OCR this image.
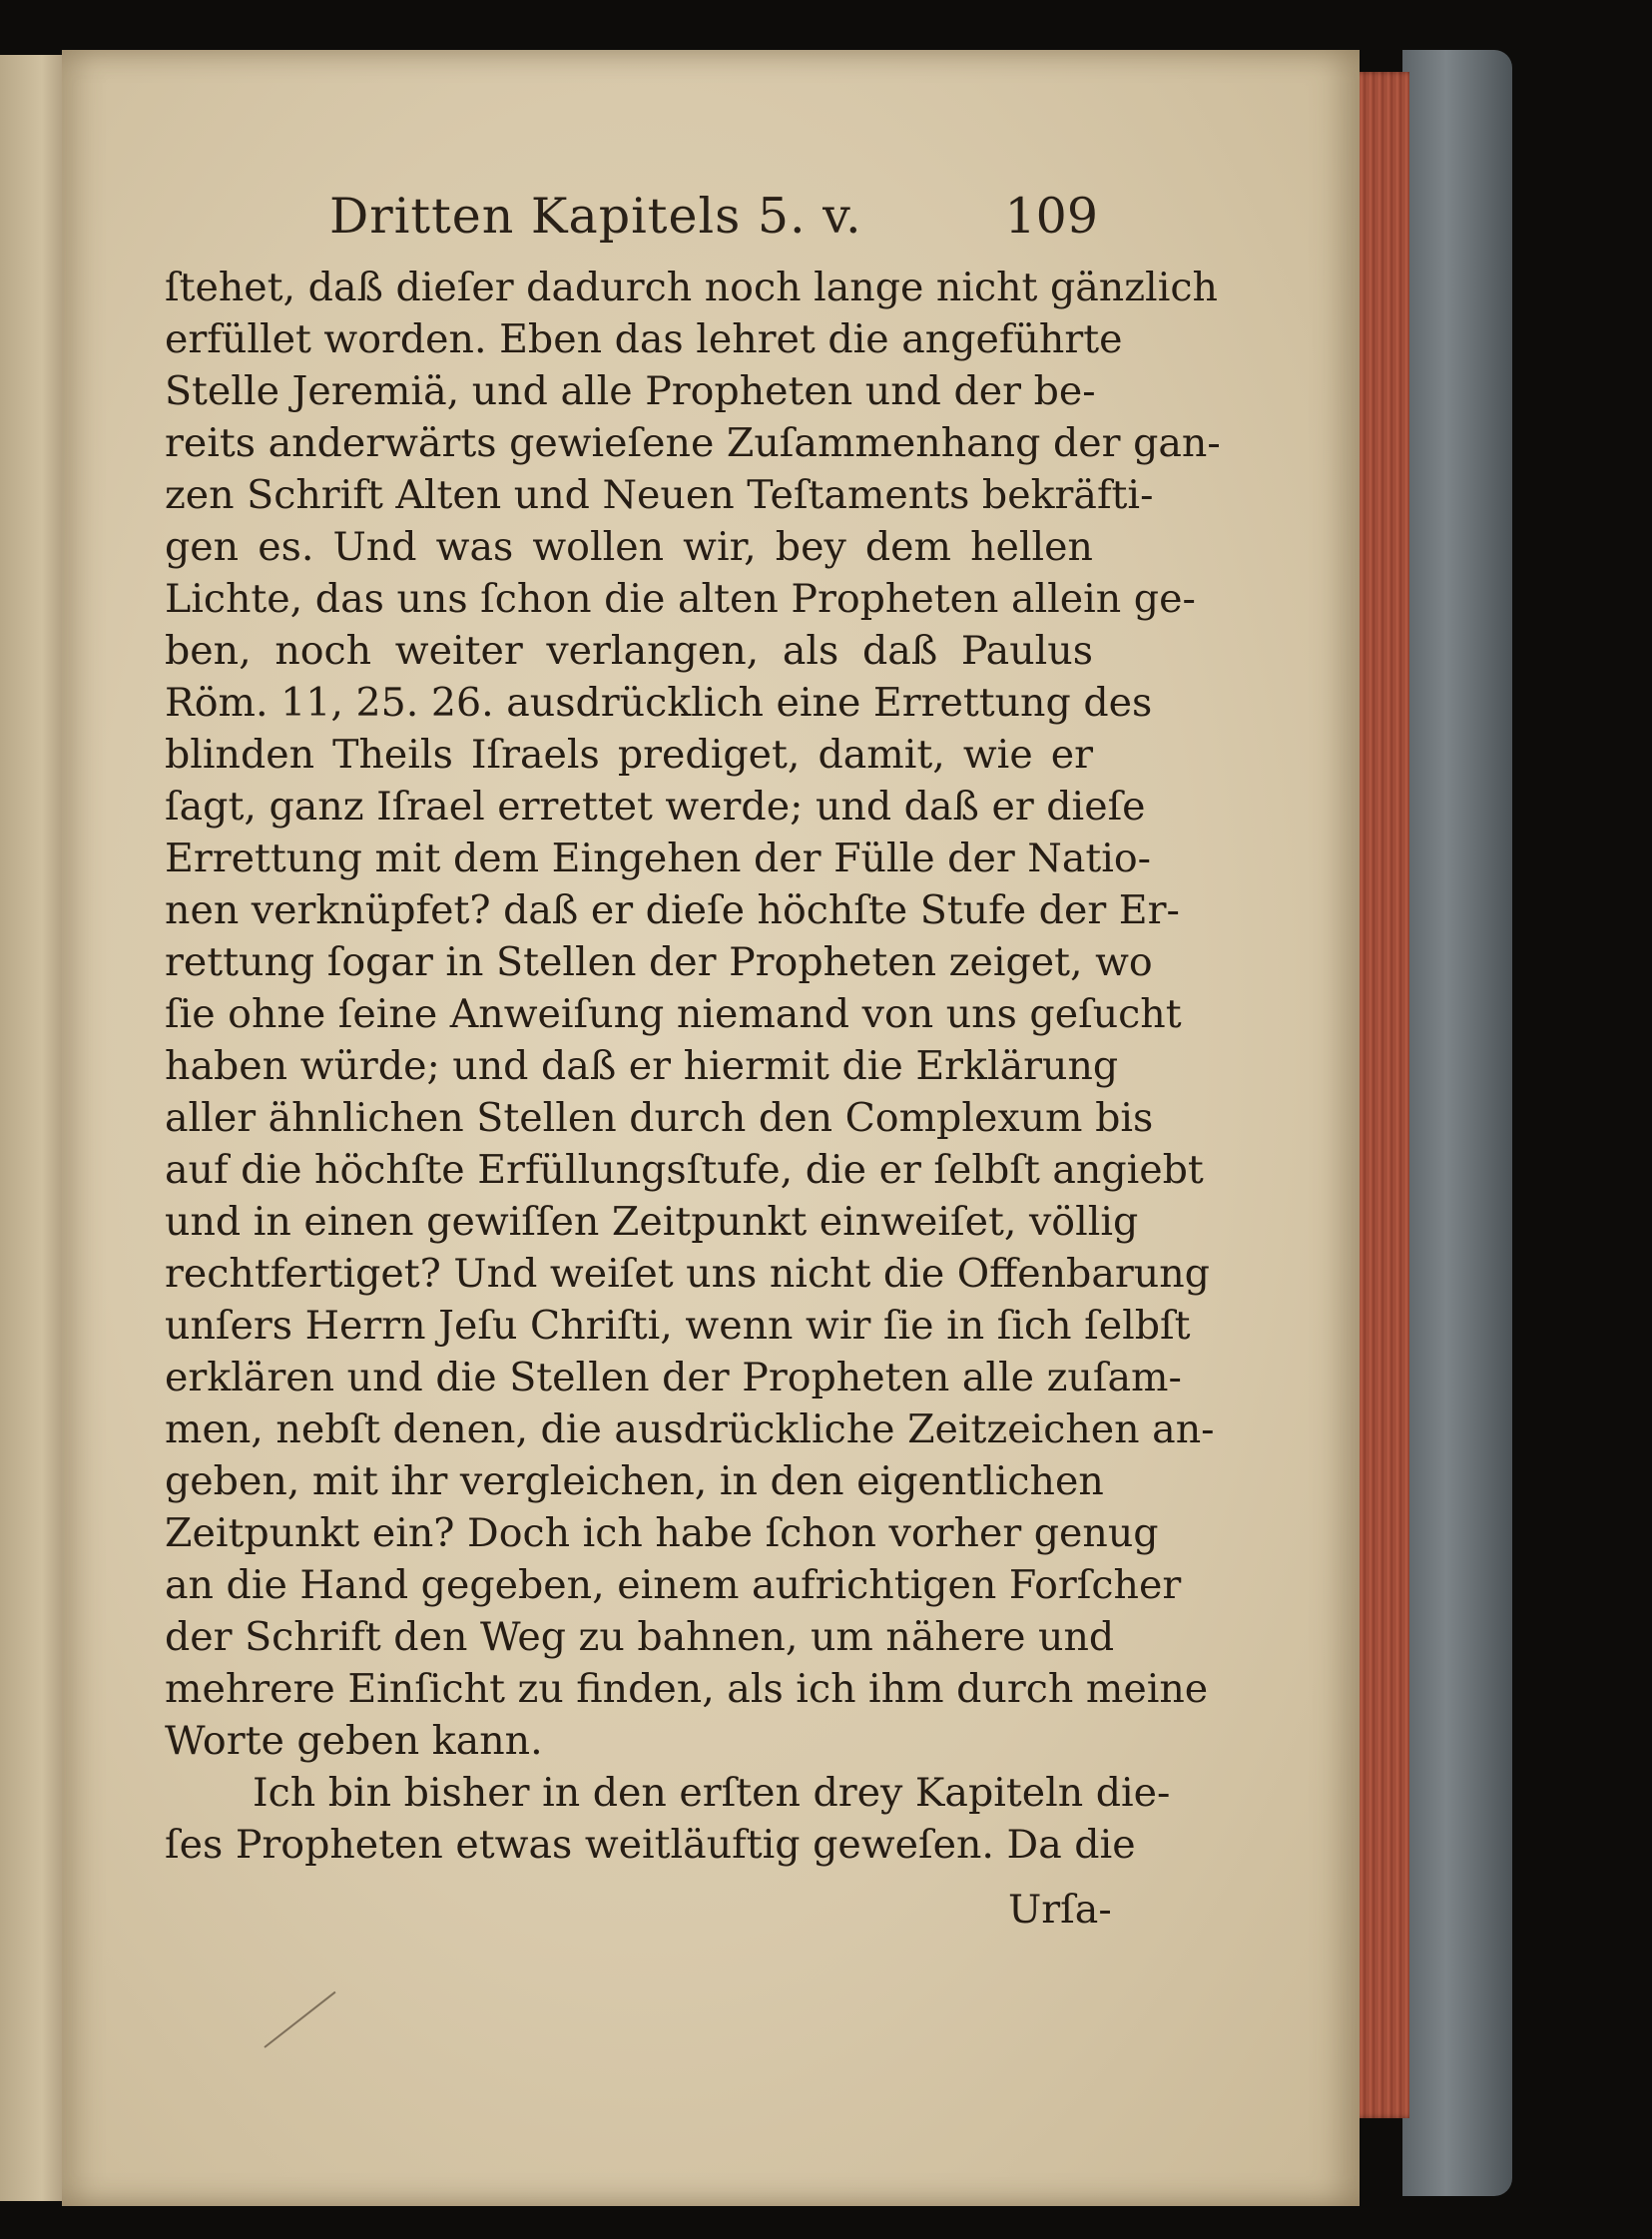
Dritten Kapitels 5. v.	109
ſtehet, daß dieſer dadurch noch lange nicht gänzlich
erfüllet worden. Eben das lehret die angeführte
Stelle Jeremiä, und alle Propheten und der be-
reits anderwärts gewieſene Zuſammenhang der gan-
zen Schrift Alten und Neuen Teſtaments bekräfti-
gen es. Und was wollen wir, bey dem hellen
Lichte, das uns ſchon die alten Propheten allein ge-
ben, noch weiter verlangen, als daß Paulus
Röm. 11, 25. 26. ausdrücklich eine Errettung des
blinden Theils Iſraels prediget, damit, wie er
ſagt, ganz Iſrael errettet werde; und daß er dieſe
Errettung mit dem Eingehen der Fülle der Natio-
nen verknüpfet? daß er dieſe höchſte Stufe der Er-
rettung ſogar in Stellen der Propheten zeiget, wo
ſie ohne ſeine Anweiſung niemand von uns geſucht
haben würde; und daß er hiermit die Erklärung
aller ähnlichen Stellen durch den Complexum bis
auf die höchſte Erfüllungsſtufe, die er ſelbſt angiebt
und in einen gewiſſen Zeitpunkt einweiſet, völlig
rechtfertiget? Und weiſet uns nicht die Offenbarung
unſers Herrn Jeſu Chriſti, wenn wir ſie in ſich ſelbſt
erklären und die Stellen der Propheten alle zuſam-
men, nebſt denen, die ausdrückliche Zeitzeichen an-
geben, mit ihr vergleichen, in den eigentlichen
Zeitpunkt ein? Doch ich habe ſchon vorher genug
an die Hand gegeben, einem aufrichtigen Forſcher
der Schrift den Weg zu bahnen, um nähere und
mehrere Einſicht zu finden, als ich ihm durch meine
Worte geben kann.
Ich bin bisher in den erſten drey Kapiteln die-
ſes Propheten etwas weitläuftig geweſen. Da die
Urſa-
